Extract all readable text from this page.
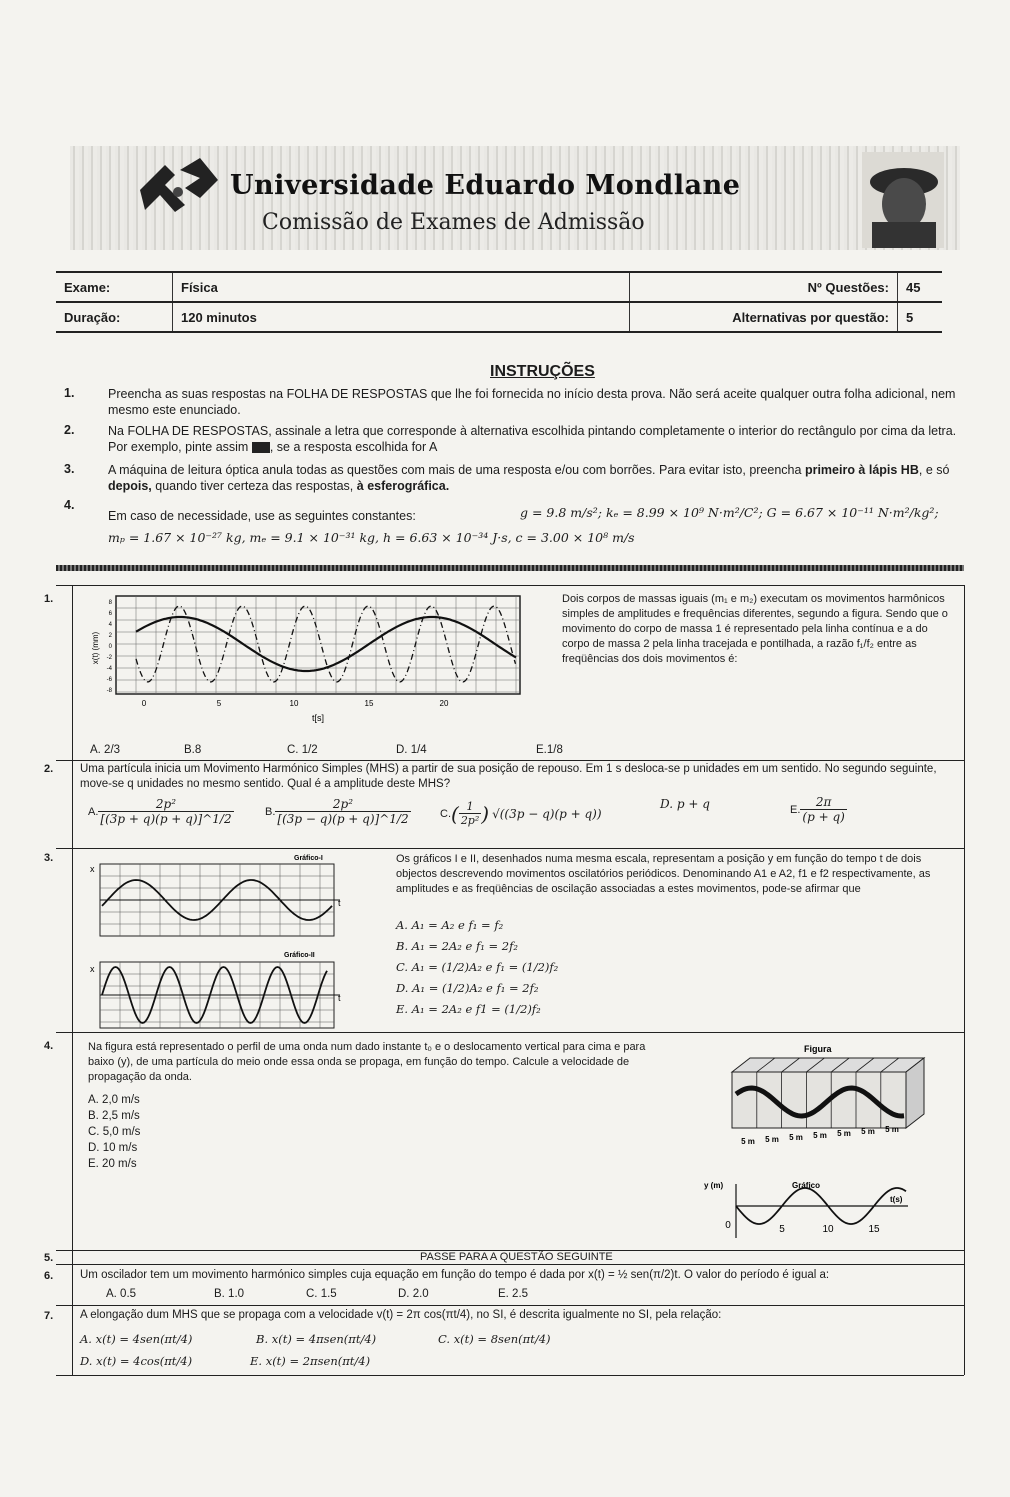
Universidade Eduardo Mondlane
Comissão de Exames de Admissão
Exame:	Física	Nº Questões:	45
Duração:	120 minutos	Alternativas por questão:	5
INSTRUÇÕES
1.	Preencha as suas respostas na FOLHA DE RESPOSTAS que lhe foi fornecida no início desta prova. Não será aceite qualquer outra folha adicional, nem mesmo este enunciado.
2.	Na FOLHA DE RESPOSTAS, assinale a letra que corresponde à alternativa escolhida pintando completamente o interior do rectângulo por cima da letra. Por exemplo, pinte assim , se a resposta escolhida for A
3.	A máquina de leitura óptica anula todas as questões com mais de uma resposta e/ou com borrões. Para evitar isto, preencha primeiro à lápis HB, e só depois, quando tiver certeza das respostas, à esferográfica.
4.
Em caso de necessidade, use as seguintes constantes:	g = 9.8 m/s²; kₑ = 8.99 × 10⁹ N·m²/C²; G = 6.67 × 10⁻¹¹ N·m²/kg²;
mₚ = 1.67 × 10⁻²⁷ kg, mₑ = 9.1 × 10⁻³¹ kg, h = 6.63 × 10⁻³⁴ J·s, c = 3.00 × 10⁸ m/s
1.
0	5	10	15	20
8
6
4
2
0
-2
-4
-6
-8
x(t) (mm)
t[s]
Dois corpos de massas iguais (m₁ e m₂) executam os movimentos harmônicos simples de amplitudes e frequências diferentes, segundo a figura. Sendo que o movimento do corpo de massa 1 é representado pela linha contínua e a do corpo de massa 2 pela linha tracejada e pontilhada, a razão f₁/f₂ entre as freqüências dos dois movimentos é:
A. 2/3	B.8	C. 1/2	D. 1/4	E.1/8
2. Uma partícula inicia um Movimento Harmónico Simples (MHS) a partir de sua posição de repouso. Em 1 s desloca-se p unidades em um sentido. No segundo seguinte, move-se q unidades no mesmo sentido. Qual é a amplitude deste MHS?
A. $\frac{\text{2p²}}{[(3p + q)(p + q)]\^{}1/2}$	B. $\frac{\text{2p²}}{[(3p - q)(p + q)]\^{}1/2}$	C. ( $\frac{1}{\text{2p²}}$ ) √((3p − q)(p + q))
D. p + q	E. $\frac{2\pi}{(p + q)}$
3.	Gráfico-I
x
t
Gráfico-II
x
t
Os gráficos I e II, desenhados numa mesma escala, representam a posição y em função do tempo t de dois objectos descrevendo movimentos oscilatórios periódicos. Denominando A1 e A2, f1 e f2 respectivamente, as amplitudes e as freqüências de oscilação associadas a estes movimentos, pode-se afirmar que
A. A₁ = A₂ e f₁ = f₂
B. A₁ = 2A₂ e f₁ = 2f₂
C. A₁ = (1/2)A₂ e f₁ = (1/2)f₂
D. A₁ = (1/2)A₂ e f₁ = 2f₂
E. A₁ = 2A₂ e f1 = (1/2)f₂
4.	Na figura está representado o perfil de uma onda num dado instante t₀ e o deslocamento vertical para cima e para baixo (y), de uma partícula do meio onde essa onda se propaga, em função do tempo. Calcule a velocidade de propagação da onda.
A. 2,0 m/s
B. 2,5 m/s
C. 5,0 m/s
D. 10 m/s
E. 20 m/s
Figura
5 m 5 m 5 m 5 m 5 m 5 m 5 m
y (m)	Gráfico
t(s)
0	5	10	15
5.	PASSE PARA A QUESTÃO SEGUINTE
6. Um oscilador tem um movimento harmónico simples cuja equação em função do tempo é dada por x(t) = ½ sen(π/2)t. O valor do período é igual a:
A. 0.5	B. 1.0	C. 1.5	D. 2.0	E. 2.5
7. A elongação dum MHS que se propaga com a velocidade v(t) = 2π cos(πt/4), no SI, é descrita igualmente no SI, pela relação:
A. x(t) = 4sen(πt/4)	B. x(t) = 4πsen(πt/4)	C. x(t) = 8sen(πt/4)
D. x(t) = 4cos(πt/4)	E. x(t) = 2πsen(πt/4)
